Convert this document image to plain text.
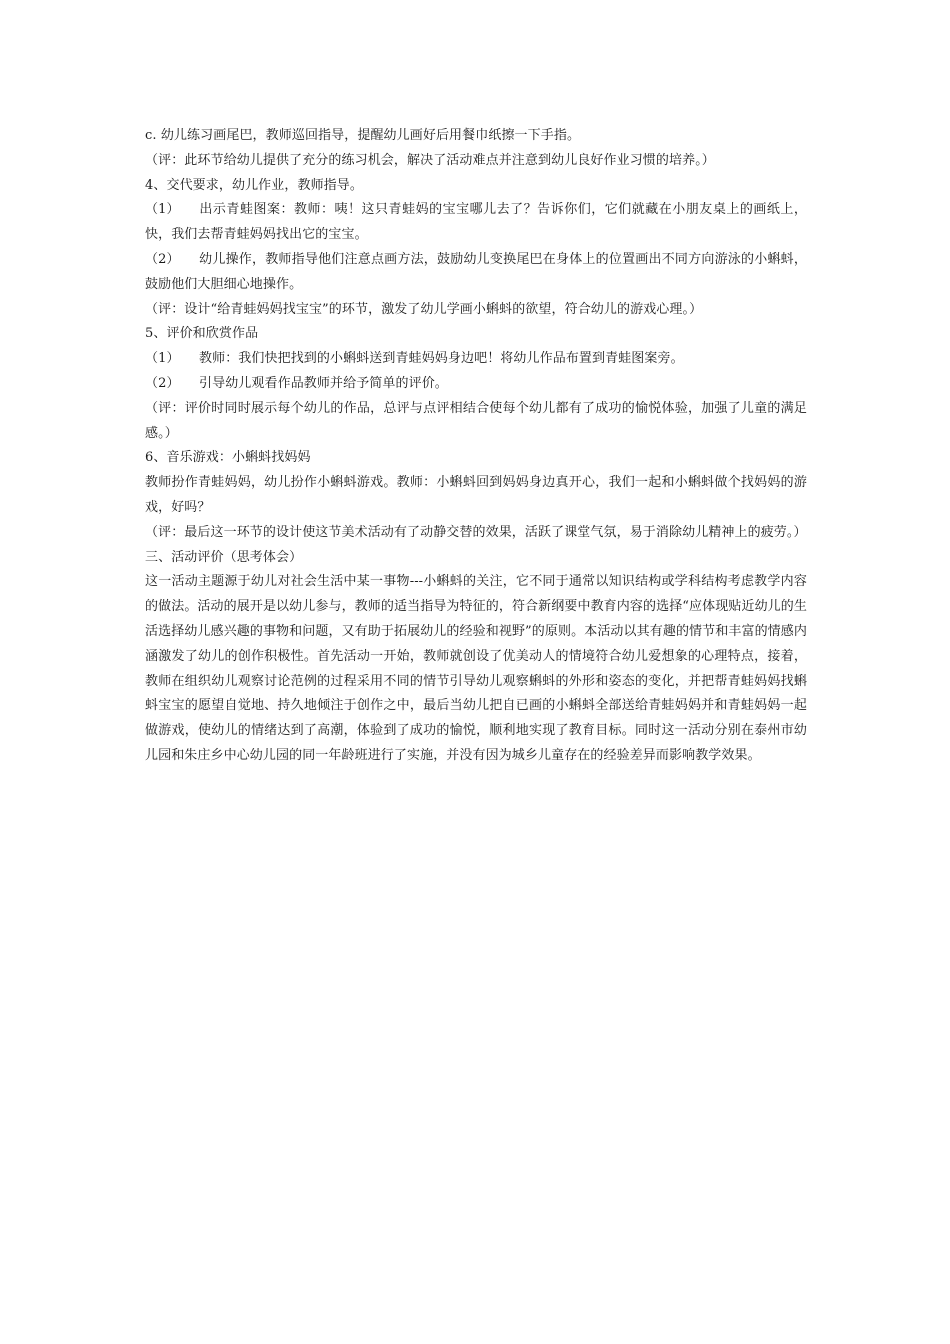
c. 幼儿练习画尾巴，教师巡回指导，提醒幼儿画好后用餐巾纸擦一下手指。

（评：此环节给幼儿提供了充分的练习机会，解决了活动难点并注意到幼儿良好作业习惯的培养。）

4、交代要求，幼儿作业，教师指导。

（1） 出示青蛙图案：教师：咦！这只青蛙妈的宝宝哪儿去了？告诉你们，它们就藏在小朋友桌上的画纸上，快，我们去帮青蛙妈妈找出它的宝宝。

（2） 幼儿操作，教师指导他们注意点画方法，鼓励幼儿变换尾巴在身体上的位置画出不同方向游泳的小蝌蚪，鼓励他们大胆细心地操作。

（评：设计“给青蛙妈妈找宝宝”的环节，激发了幼儿学画小蝌蚪的欲望，符合幼儿的游戏心理。）

5、评价和欣赏作品

（1） 教师：我们快把找到的小蝌蚪送到青蛙妈妈身边吧！将幼儿作品布置到青蛙图案旁。

（2） 引导幼儿观看作品教师并给予简单的评价。

（评：评价时同时展示每个幼儿的作品，总评与点评相结合使每个幼儿都有了成功的愉悦体验，加强了儿童的满足感。）

6、音乐游戏：小蝌蚪找妈妈

教师扮作青蛙妈妈，幼儿扮作小蝌蚪游戏。教师：小蝌蚪回到妈妈身边真开心，我们一起和小蝌蚪做个找妈妈的游戏，好吗？

（评：最后这一环节的设计使这节美术活动有了动静交替的效果，活跃了课堂气氛，易于消除幼儿精神上的疲劳。）

三、活动评价（思考体会）

这一活动主题源于幼儿对社会生活中某一事物---小蝌蚪的关注，它不同于通常以知识结构或学科结构考虑教学内容的做法。活动的展开是以幼儿参与，教师的适当指导为特征的，符合新纲要中教育内容的选择“应体现贴近幼儿的生活选择幼儿感兴趣的事物和问题，又有助于拓展幼儿的经验和视野”的原则。本活动以其有趣的情节和丰富的情感内涵激发了幼儿的创作积极性。首先活动一开始，教师就创设了优美动人的情境符合幼儿爱想象的心理特点，接着，教师在组织幼儿观察讨论范例的过程采用不同的情节引导幼儿观察蝌蚪的外形和姿态的变化，并把帮青蛙妈妈找蝌蚪宝宝的愿望自觉地、持久地倾注于创作之中，最后当幼儿把自已画的小蝌蚪全部送给青蛙妈妈并和青蛙妈妈一起做游戏，使幼儿的情绪达到了高潮，体验到了成功的愉悦，顺利地实现了教育目标。同时这一活动分别在泰州市幼儿园和朱庄乡中心幼儿园的同一年龄班进行了实施，并没有因为城乡儿童存在的经验差异而影响教学效果。
